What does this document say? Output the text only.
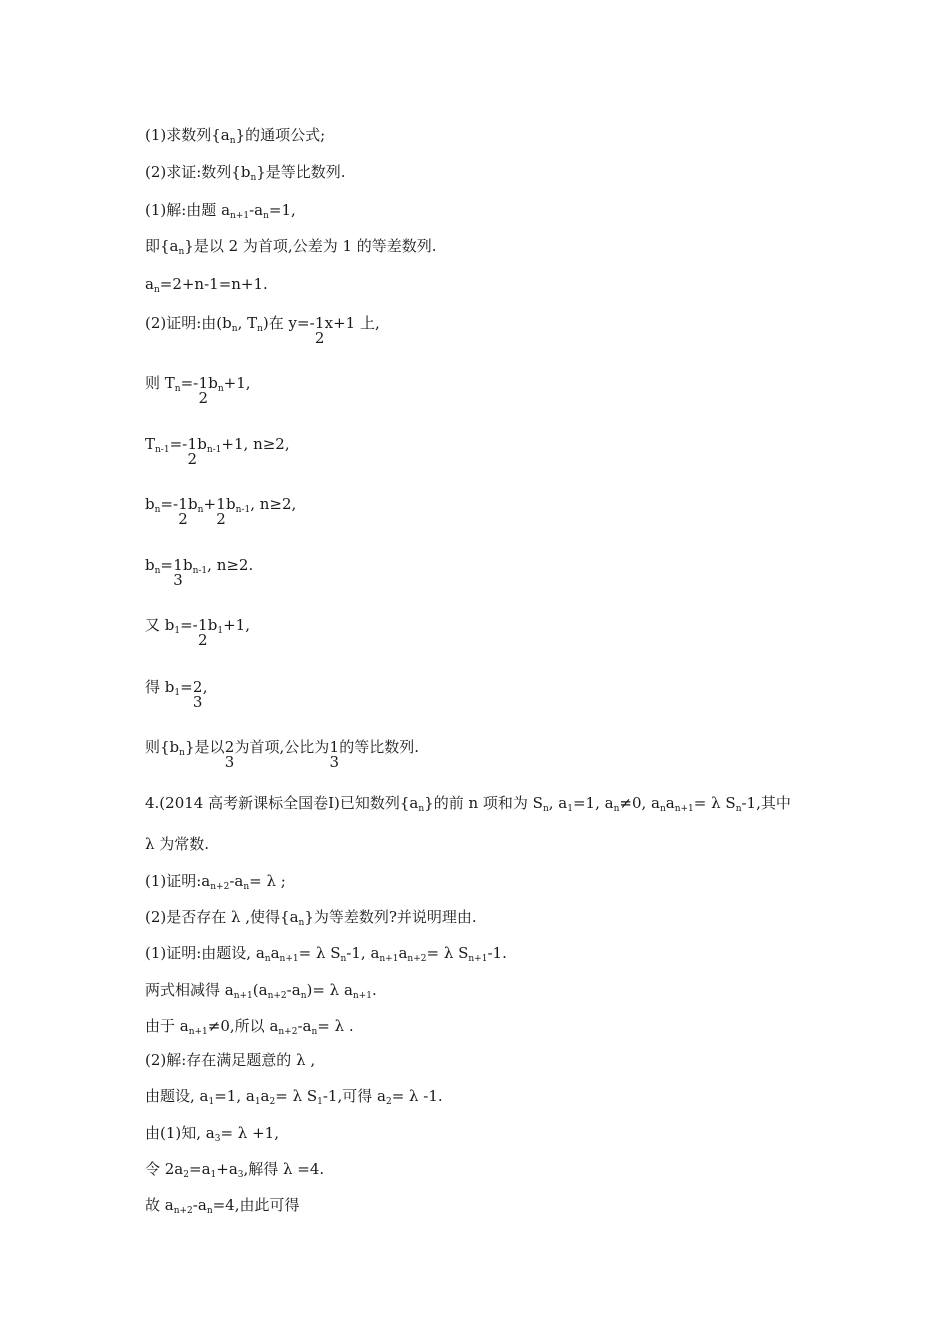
(1)求数列$\{a_n\}$的通项公式;
(2)求证:数列$\{b_n\}$是等比数列.
(1)解:由题 $a_{n+1}-a_n=1$,
即$\{a_n\}$是以 2 为首项,公差为 1 的等差数列.
$a_n=2+n-1=n+1$.
(2)证明:由($b_n$, $T_n$)在 y=- 1
2
x+1 上,
则 $T_n=-$ 1
2
$b_n+1$,
$T_{n-1}=-$ 1
2
$b_{n-1}+1$, n≥2,
$b_n=-$ 1
2
$b_n+ 1$
2
$b_{n-1}$, n≥2,
$b_n= 1$
3
$b_{n-1}$, n≥2.
又 $b_1=-$ 1
2
$b_1+1$,
得 $b_1= 2$
3
,
则$\{b_n\}$是以 2
3
为首项,公比为 1
3
的等比数列.
4.(2014 高考新课标全国卷Ⅰ)已知数列$\{a_n\}$的前 n 项和为 $S_n$, $a_1=1$, $a_n\ne 0$, $a_na_{n+1}= \lambda$ $S_n-1$,其中
λ 为常数.
(1)证明$:a_{n+2}-a_n= \lambda$ ;
(2)是否存在 λ ,使得$\{a_n\}$为等差数列?并说明理由.
(1)证明:由题设, $a_na_{n+1}= \lambda$ $S_n-1$, $a_{n+1}a_{n+2}= \lambda$ $S_{n+1}-1$.
两式相减得 $a_{n+1}(a_{n+2}-a_n)= \lambda$ $a_{n+1}$.
由于 $a_{n+1}\ne 0$,所以 $a_{n+2}-a_n= \lambda$ .
(2)解:存在满足题意的 λ ,
由题设, $a_1=1$, $a_1a_2= \lambda$ $S_1-1$,可得 $a_2= \lambda$ -1.
由(1)知, $a_3= \lambda +1$,
令 $2a_2=a_1+a_3$,解得 λ =4.
故 $a_{n+2}-a_n=4$,由此可得
